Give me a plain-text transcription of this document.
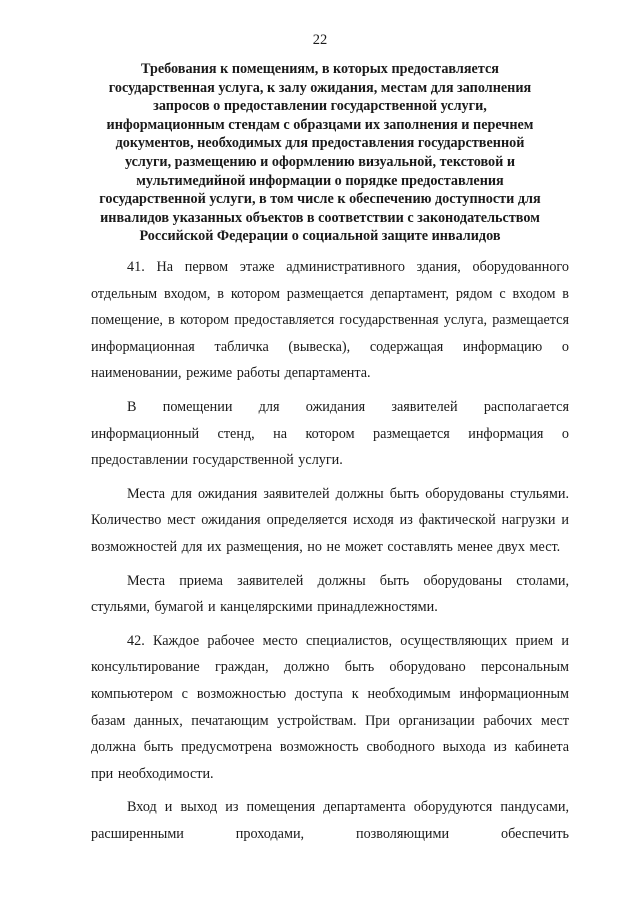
22

Требования к помещениям, в которых предоставляется
государственная услуга, к залу ожидания, местам для заполнения
запросов о предоставлении государственной услуги,
информационным стендам с образцами их заполнения и перечнем
документов, необходимых для предоставления государственной
услуги, размещению и оформлению визуальной, текстовой и
мультимедийной информации о порядке предоставления
государственной услуги, в том числе к обеспечению доступности для
инвалидов указанных объектов в соответствии с законодательством
Российской Федерации о социальной защите инвалидов

41. На первом этаже административного здания, оборудованного отдельным входом, в котором размещается департамент, рядом с входом в помещение, в котором предоставляется государственная услуга, размещается информационная табличка (вывеска), содержащая информацию о наименовании, режиме работы департамента.

В помещении для ожидания заявителей располагается информационный стенд, на котором размещается информация о предоставлении государственной услуги.

Места для ожидания заявителей должны быть оборудованы стульями. Количество мест ожидания определяется исходя из фактической нагрузки и возможностей для их размещения, но не может составлять менее двух мест.

Места приема заявителей должны быть оборудованы столами, стульями, бумагой и канцелярскими принадлежностями.

42. Каждое рабочее место специалистов, осуществляющих прием и консультирование граждан, должно быть оборудовано персональным компьютером с возможностью доступа к необходимым информационным базам данных, печатающим устройствам. При организации рабочих мест должна быть предусмотрена возможность свободного выхода из кабинета при необходимости.

Вход и выход из помещения департамента оборудуются пандусами, расширенными проходами, позволяющими обеспечить
